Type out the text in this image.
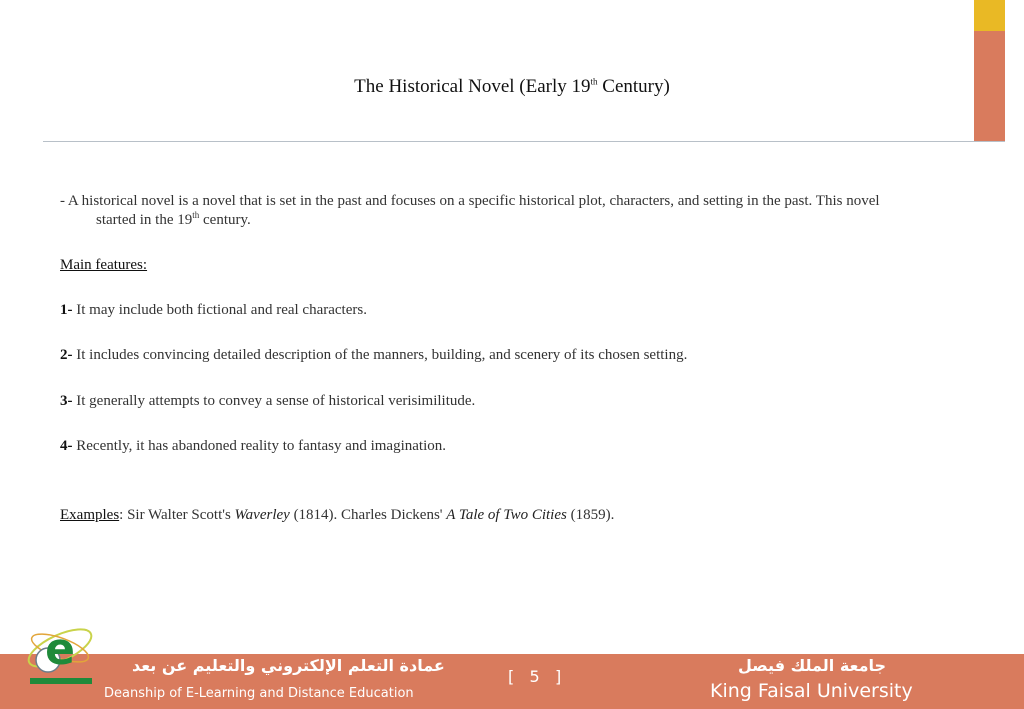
The Historical Novel (Early 19th Century)
- A historical novel is a novel that is set in the past and focuses on a specific historical plot, characters, and setting in the past. This novel
started in the 19th century.
Main features:
1- It may include both fictional and real characters.
2- It includes convincing detailed description of the manners, building, and scenery of its chosen setting.
3- It generally attempts to convey a sense of historical verisimilitude.
4- Recently, it has abandoned reality to fantasy and imagination.
Examples: Sir Walter Scott's Waverley (1814). Charles Dickens' A Tale of Two Cities (1859).
e	عمادة التعلم الإلكتروني والتعليم عن بعد
Deanship of E-Learning and Distance Education
[ 5 ]
جامعة الملك فيصل
King Faisal University
